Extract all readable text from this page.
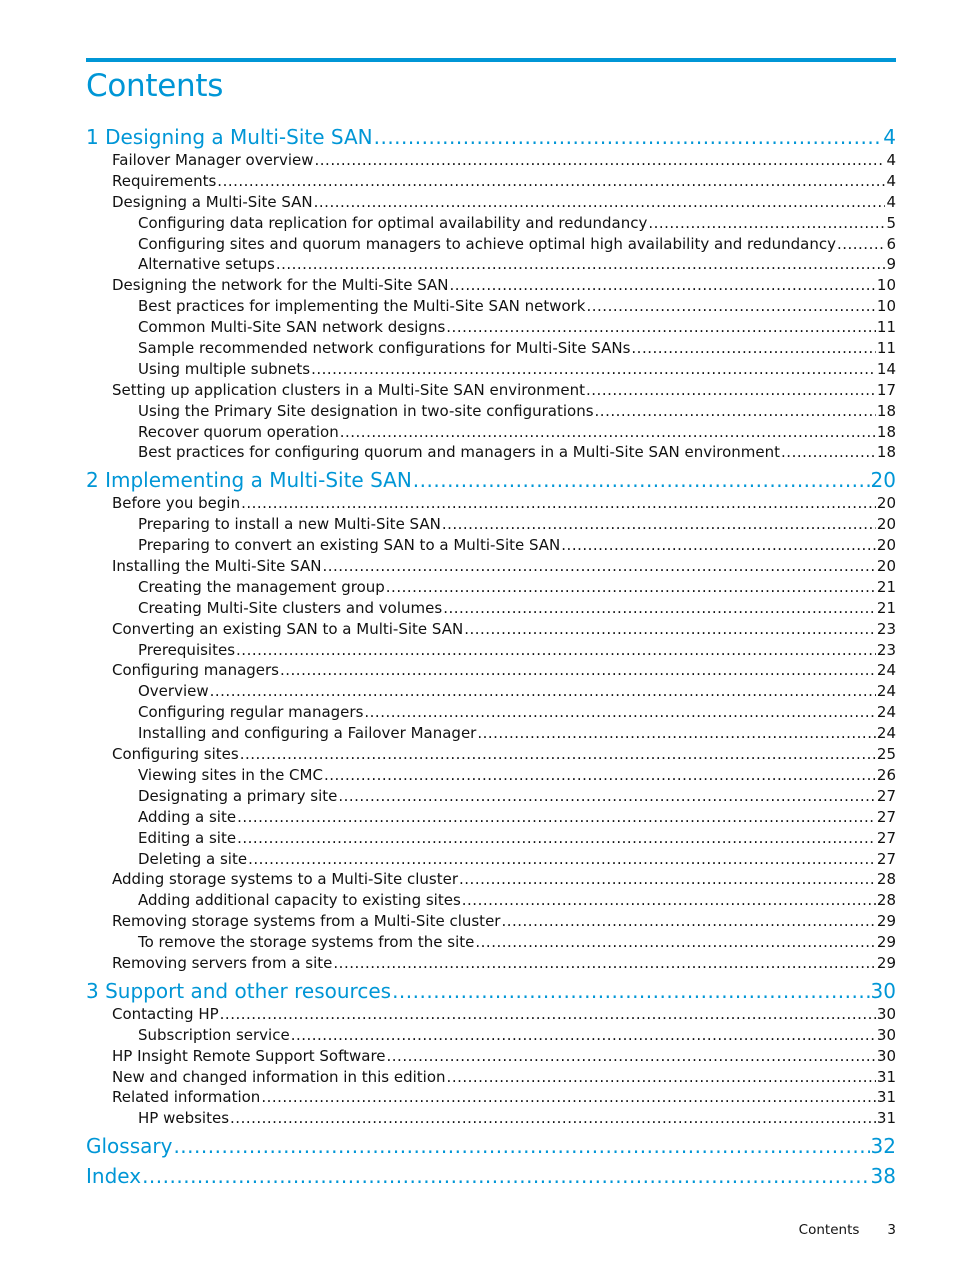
Contents
1 Designing a Multi-Site SAN .....	4
Failover Manager overview .....	4
Requirements .....	4
Designing a Multi-Site SAN .....	4
Configuring data replication for optimal availability and redundancy .....	5
Configuring sites and quorum managers to achieve optimal high availability and redundancy .....	6
Alternative setups .....	9
Designing the network for the Multi-Site SAN .....	10
Best practices for implementing the Multi-Site SAN network .....	10
Common Multi-Site SAN network designs .....	11
Sample recommended network configurations for Multi-Site SANs .....	11
Using multiple subnets .....	14
Setting up application clusters in a Multi-Site SAN environment .....	17
Using the Primary Site designation in two-site configurations .....	18
Recover quorum operation .....	18
Best practices for configuring quorum and managers in a Multi-Site SAN environment .....	18
2 Implementing a Multi-Site SAN .....	20
Before you begin .....	20
Preparing to install a new Multi-Site SAN .....	20
Preparing to convert an existing SAN to a Multi-Site SAN .....	20
Installing the Multi-Site SAN .....	20
Creating the management group .....	21
Creating Multi-Site clusters and volumes .....	21
Converting an existing SAN to a Multi-Site SAN .....	23
Prerequisites .....	23
Configuring managers .....	24
Overview .....	24
Configuring regular managers .....	24
Installing and configuring a Failover Manager .....	24
Configuring sites .....	25
Viewing sites in the CMC .....	26
Designating a primary site .....	27
Adding a site .....	27
Editing a site .....	27
Deleting a site .....	27
Adding storage systems to a Multi-Site cluster .....	28
Adding additional capacity to existing sites .....	28
Removing storage systems from a Multi-Site cluster .....	29
To remove the storage systems from the site .....	29
Removing servers from a site .....	29
3 Support and other resources .....	30
Contacting HP .....	30
Subscription service .....	30
HP Insight Remote Support Software .....	30
New and changed information in this edition .....	31
Related information .....	31
HP websites .....	31
Glossary .....	32
Index .....	38
Contents 3
